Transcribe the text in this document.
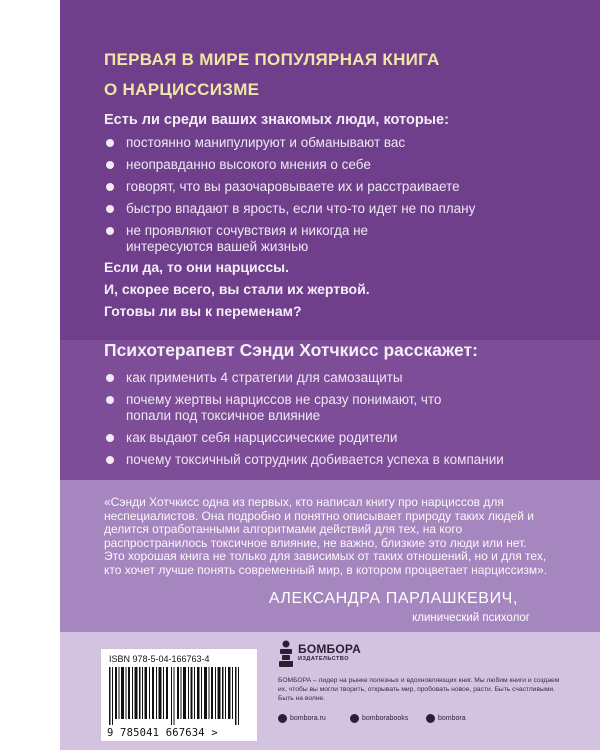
ПЕРВАЯ В МИРЕ ПОПУЛЯРНАЯ КНИГА
О НАРЦИССИЗМЕ
Есть ли среди ваших знакомых люди, которые:
постоянно манипулируют и обманывают вас
неоправданно высокого мнения о себе
говорят, что вы разочаровываете их и расстраиваете
быстро впадают в ярость, если что-то идет не по плану
не проявляют сочувствия и никогда не интересуются вашей жизнью
Если да, то они нарциссы.
И, скорее всего, вы стали их жертвой.
Готовы ли вы к переменам?
Психотерапевт Сэнди Хотчкисс расскажет:
как применить 4 стратегии для самозащиты
почему жертвы нарциссов не сразу понимают, что попали под токсичное влияние
как выдают себя нарциссические родители
почему токсичный сотрудник добивается успеха в компании

«Сэнди Хотчкисс одна из первых, кто написал книгу про нарциссов для неспециалистов. Она подробно и понятно описывает природу таких людей и делится отработанными алгоритмами действий для тех, на кого распространилось токсичное влияние, не важно, близкие это люди или нет. Это хорошая книга не только для зависимых от таких отношений, но и для тех, кто хочет лучше понять современный мир, в котором процветает нарциссизм».

АЛЕКСАНДРА ПАРЛАШКЕВИЧ,
клинический психолог
ISBN 978-5-04-166763-4
9 785041 667634 >
БОМБОРА
ИЗДАТЕЛЬСТВО

БОМБОРА – лидер на рынке полезных и вдохновляющих книг. Мы любим книги и создаем их, чтобы вы могли творить, открывать мир, пробовать новое, расти. Быть счастливыми. Быть на волне.

bombora.ru	bomborabooks	bombora
